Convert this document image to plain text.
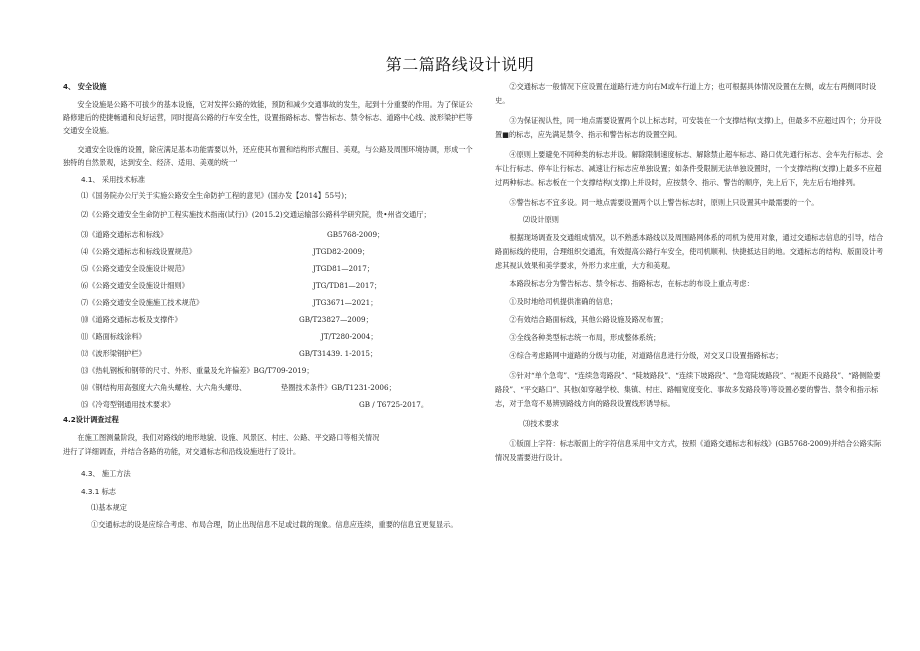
第二篇路线设计说明
4、 安全设施
安全设施是公路不可拔少的基本设施，它对发挥公路的效能，预防和减少交通事故的发生，起到十分重要的作用。为了保证公路修建后的使捷畅通和良好运营，同时提高公路的行车安全性，设置指路标志、警告标志、禁令标志、道路中心线、波形梁护栏等交通安全设施。
交通安全设施的设置，除应满足基本功能需要以外，还应使其布置和结构形式醒目、美观，与公路及周围环境协调，形成一个独特的自然景观，达到安全、经济、适用、美观的统一'
4.1、 采用技术标准
⑴《国务院办公厅关于实施公路安全生命防护工程的意见》(国办发【2014】55号)；
⑵《公路交通安全生命防护工程实施技术指南(试行)》(2015.2)交通运输部公路科学研究院，贵•州省交通厅；
⑶《道路交通标志和标线》	GB5768-2009；
⑷《公路交通标志和标线设置规范》	JTGD82-2009；
⑸《公路交通安全设施设计规范》	JTGD81—2017；
⑹《公路交通安全设施设计细则》	JTG/TD81—2017；
⑺《公路交通安全设施施工技术规范》	JTG3671—2021；
⑽《道路交通标志板及支撑件》	GB/T23827—2009；
⑾《路面标线涂料》	JT/T280-2004；
⑿《波形梁钢护栏》	GB/T31439. 1-2015；
⒀《热轧钢板和钢带的尺寸、外形、重量及允许偏差》BG/T709-2019；
⒁《钢结构用高强度大六角头螺栓、大六角头螺母、	垫圈技术条件》GB/T1231-2006；
⒂《冷弯型钢通用技术要求》	GB / T6725-2017。
4.2设计调查过程
在施工图测量阶段，我们对路线的地形地貌、设施、风景区、村庄、公路、平交路口等相关情况进行了详细调查，并结合各路的功能，对交通标志和沿线设施进行了设计。
4.3、 施工方法
4.3.1 标志
⑴基本规定
①交通标志的设是应综合考虑、布局合理，防止出现信息不足或过载的现象。信息应连续，重要的信息宜更复显示。
②交通标志一般情况下应设置在道路行进方向右M或车行道上方；也可根据具体情况设置在左侧，或左右两侧同时设史。
③为保证视认性，同一地点需要设置两个以上标志时，可安装在一个支撑结构(支撑)上，但最多不应超过四个；分开设置■的标志，应先满足禁令、指示和警告标志的设置空间。
④原则上要避免不同种类的标志并设。解除限制速度标志、解除禁止超车标志、路口优先通行标志、会车先行标志、会车让行标志、停车让行标志、减速让行标志应单独设置；如条件受限制无法单独设置时，一个支撑结构(支撑)上最多不应超过两种标志。标志板在一个支撑结构(支撑)上并设时，应按禁令、指示、警告的顺序，先上后下，先左后右地排列。
⑤警告标志不宜多设。同一地点需要设置两个以上警告标志时，原则上只设置其中最需要的一个。
⑵设计原则
根据现场调查及交通组成情况，以不熟悉本路线以及周围路网体系的司机为使用对象，通过交通标志信息的引导，结合路面标线的使用，合理组织交通流，有效提高公路行车安全，使司机顺利、快捷抵达目的地。交通标志的结构、版面设计考虑其视认效果和美学要求，外形力求庄重，大方和美观。
本路段标志分为警告标志、禁令标志、指路标志，在标志的布设上重点考虑：
①及时地给司机提供准确的信息；
②有效结合路面标线，其他公路设施及路况布置；
③全线各种类型标志统一布局，形成整体系统；
④综合考虑路网中道路的分级与功能，对道路信息进行分级，对交叉口设置指路标志；
⑤针对“单个急弯”、“连续急弯路段”、“陡坡路段”、“连续下坡路段”、“急弯陡坡路段”、“视距不良路段”、“路侧险要路段”、“平交路口”、其他(如穿越学校、集镇、村庄、路幅宽度变化、事故多发路段等)等设置必要的警告、禁令和指示标志，对于急弯不易辨别路线方向的路段设置线形诱导标。
⑶技术要求
①版面上字符：标志版面上的字符信息采用中文方式，按照《道路交通标志和标线》(GB5768-2009)并结合公路实际情况及需要进行设计。
